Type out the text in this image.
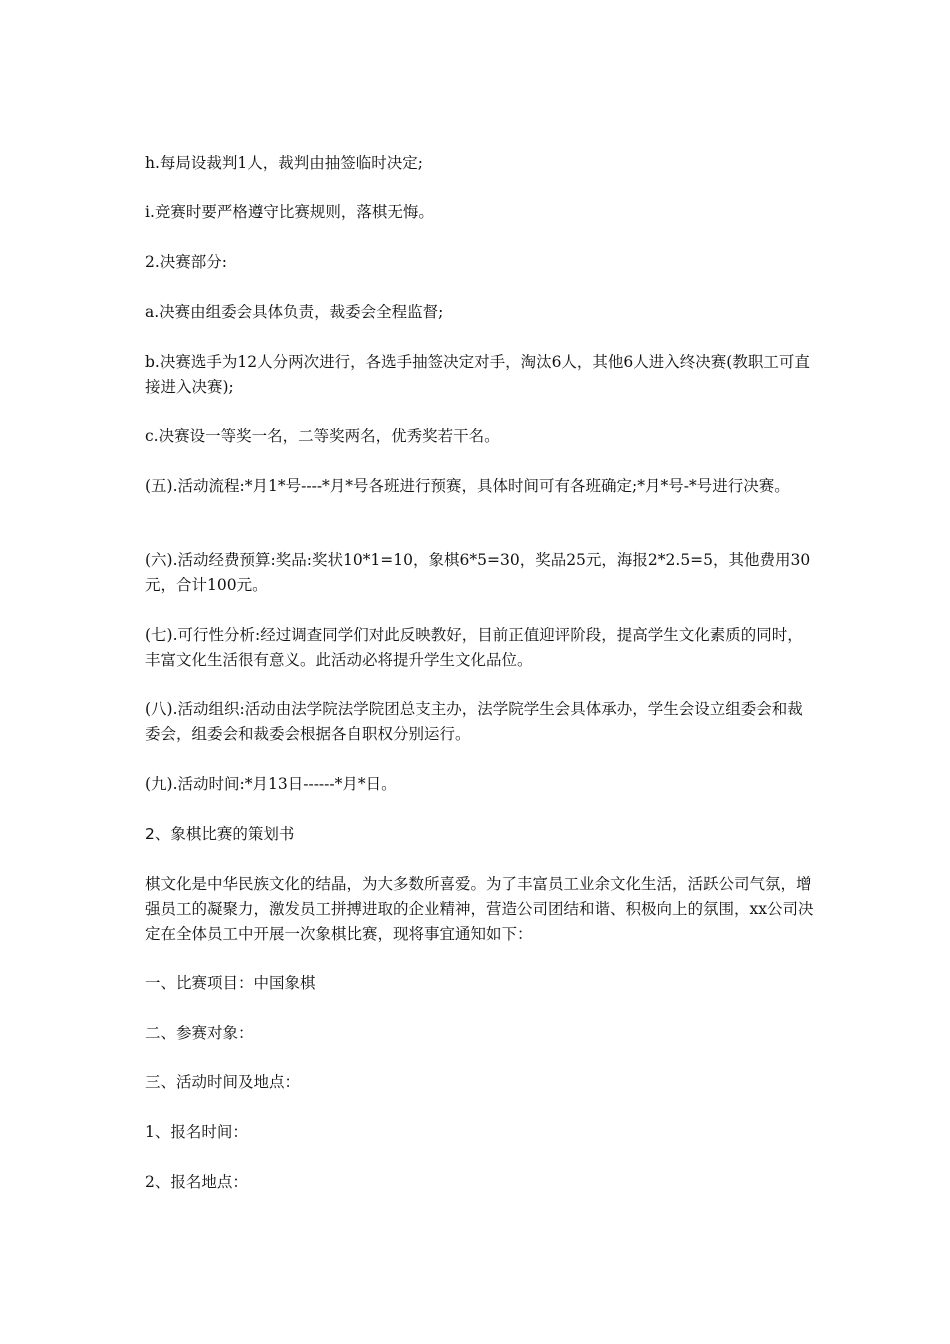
h.每局设裁判1人，裁判由抽签临时决定;

i.竞赛时要严格遵守比赛规则，落棋无悔。

2.决赛部分:

a.决赛由组委会具体负责，裁委会全程监督;

b.决赛选手为12人分两次进行，各选手抽签决定对手，淘汰6人，其他6人进入终决赛(教职工可直接进入决赛);

c.决赛设一等奖一名，二等奖两名，优秀奖若干名。

(五).活动流程:*月1*号----*月*号各班进行预赛，具体时间可有各班确定;*月*号-*号进行决赛。

(六).活动经费预算:奖品:奖状10*1=10，象棋6*5=30，奖品25元，海报2*2.5=5，其他费用30元，合计100元。

(七).可行性分析:经过调查同学们对此反映教好，目前正值迎评阶段，提高学生文化素质的同时，丰富文化生活很有意义。此活动必将提升学生文化品位。

(八).活动组织:活动由法学院法学院团总支主办，法学院学生会具体承办，学生会设立组委会和裁委会，组委会和裁委会根据各自职权分别运行。

(九).活动时间:*月13日------*月*日。

2、象棋比赛的策划书

棋文化是中华民族文化的结晶，为大多数所喜爱。为了丰富员工业余文化生活，活跃公司气氛，增强员工的凝聚力，激发员工拼搏进取的企业精神，营造公司团结和谐、积极向上的氛围，xx公司决定在全体员工中开展一次象棋比赛，现将事宜通知如下：

一、比赛项目：中国象棋

二、参赛对象：

三、活动时间及地点：

1、报名时间：

2、报名地点：
